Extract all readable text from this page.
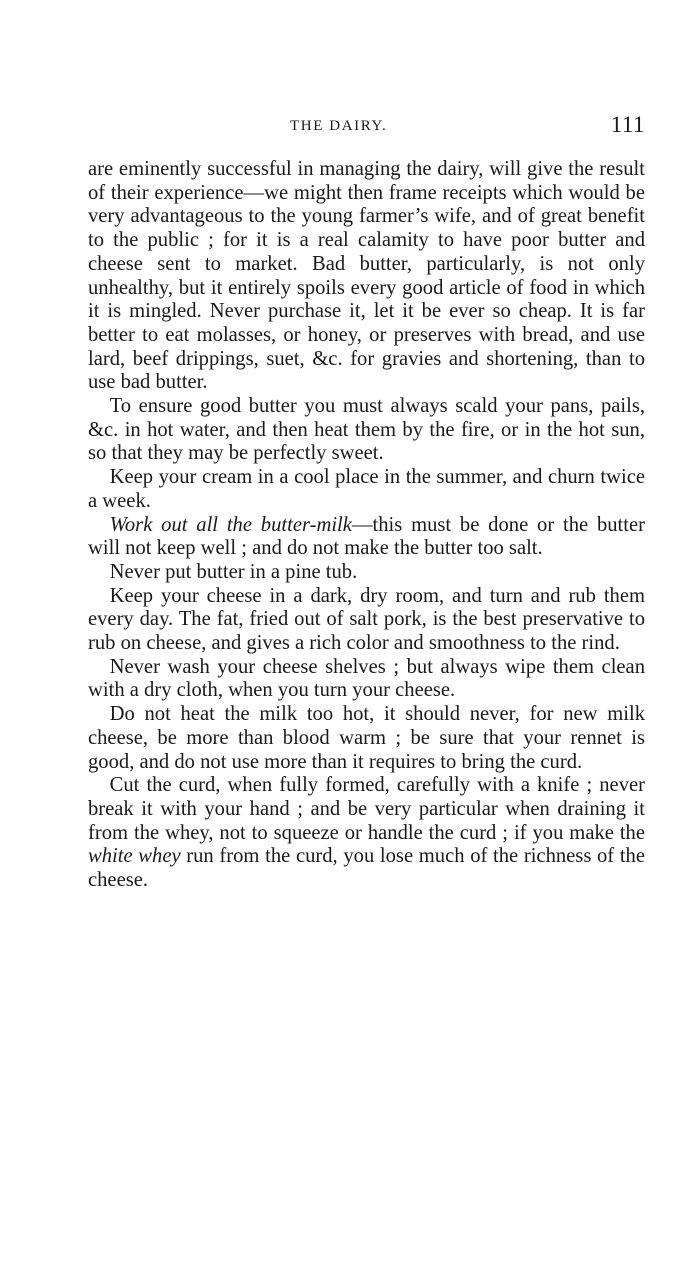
THE DAIRY.	111

are eminently successful in managing the dairy, will give the result of their experience—we might then frame receipts which would be very advantageous to the young farmer’s wife, and of great benefit to the public ; for it is a real calamity to have poor butter and cheese sent to market. Bad butter, particularly, is not only unhealthy, but it entirely spoils every good article of food in which it is mingled. Never purchase it, let it be ever so cheap. It is far better to eat molasses, or honey, or preserves with bread, and use lard, beef drippings, suet, &c. for gravies and shortening, than to use bad butter.

To ensure good butter you must always scald your pans, pails, &c. in hot water, and then heat them by the fire, or in the hot sun, so that they may be perfectly sweet.

Keep your cream in a cool place in the summer, and churn twice a week.

Work out all the butter-milk—this must be done or the butter will not keep well ; and do not make the butter too salt.

Never put butter in a pine tub.

Keep your cheese in a dark, dry room, and turn and rub them every day. The fat, fried out of salt pork, is the best preservative to rub on cheese, and gives a rich color and smoothness to the rind.

Never wash your cheese shelves ; but always wipe them clean with a dry cloth, when you turn your cheese.

Do not heat the milk too hot, it should never, for new milk cheese, be more than blood warm ; be sure that your rennet is good, and do not use more than it requires to bring the curd.

Cut the curd, when fully formed, carefully with a knife ; never break it with your hand ; and be very particular when draining it from the whey, not to squeeze or handle the curd ; if you make the white whey run from the curd, you lose much of the richness of the cheese.
